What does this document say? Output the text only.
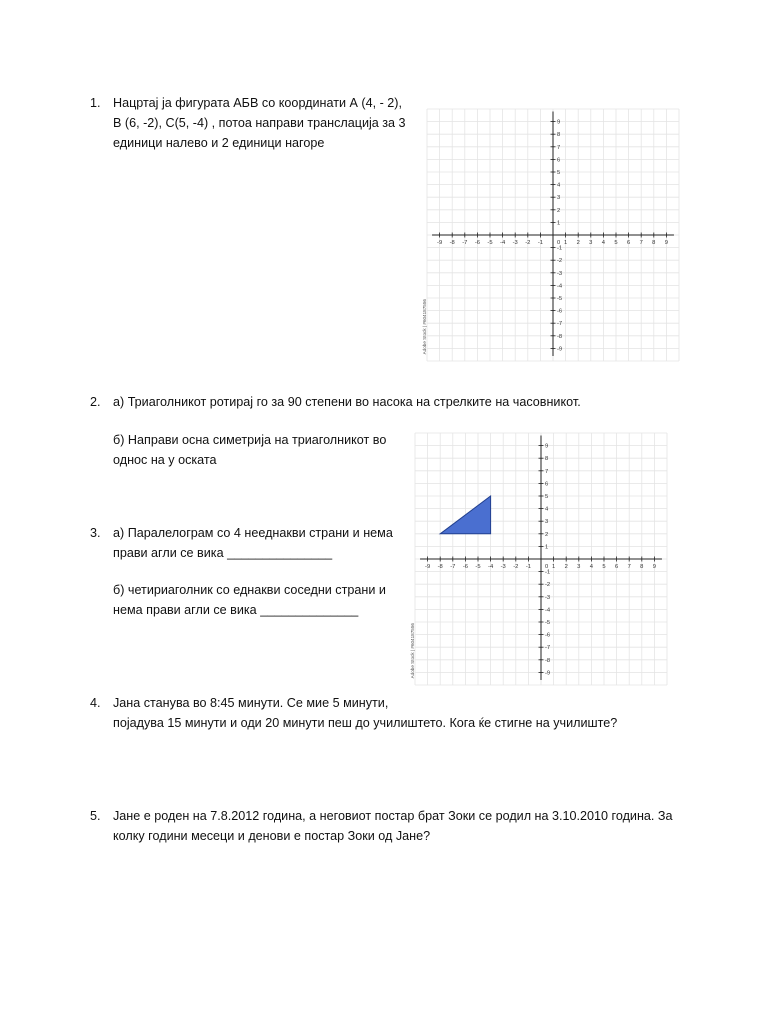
1. Нацртај ја фигурата АБВ со координати А (4, - 2),
В (6, -2), С(5, -4) , потоа направи транслација за 3
единици налево и 2 единици нагоре
2. а) Триаголникот ротирај го за 90 степени во насока на стрелките на часовникот.
б) Направи осна симетрија на триаголникот во
однос на y оската
3. а) Паралелограм со 4 нееднакви страни и нема
прави агли се вика _______________
б) четириаголник со еднакви соседни страни и
нема прави агли се вика ______________
4. Јана станува во 8:45 минути. Се мие 5 минути,
појадува 15 минути и оди 20 минути пеш до училиштето. Кога ќе стигне на училиште?
5. Јане е роден на 7.8.2012 година, а неговиот постар брат Зоки се родил на 3.10.2010 година. За
колку години месеци и денови е постар Зоки од Јане?
-9
-9
-8
-8
-7
-7
-6
-6
-5
-5
-4
-4
-3
-3
-2
-2
-1
-1
1
1
2
2
3
3
4
4
5
5
6
6
7
7
8
8
9
9
0
Adobe Stock | #604187556
-9
-9
-8
-8
-7
-7
-6
-6
-5
-5
-4
-4
-3
-3
-2
-2
-1
-1
1
1
2
2
3
3
4
4
5
5
6
6
7
7
8
8
9
9
0
Adobe Stock | #604187556
